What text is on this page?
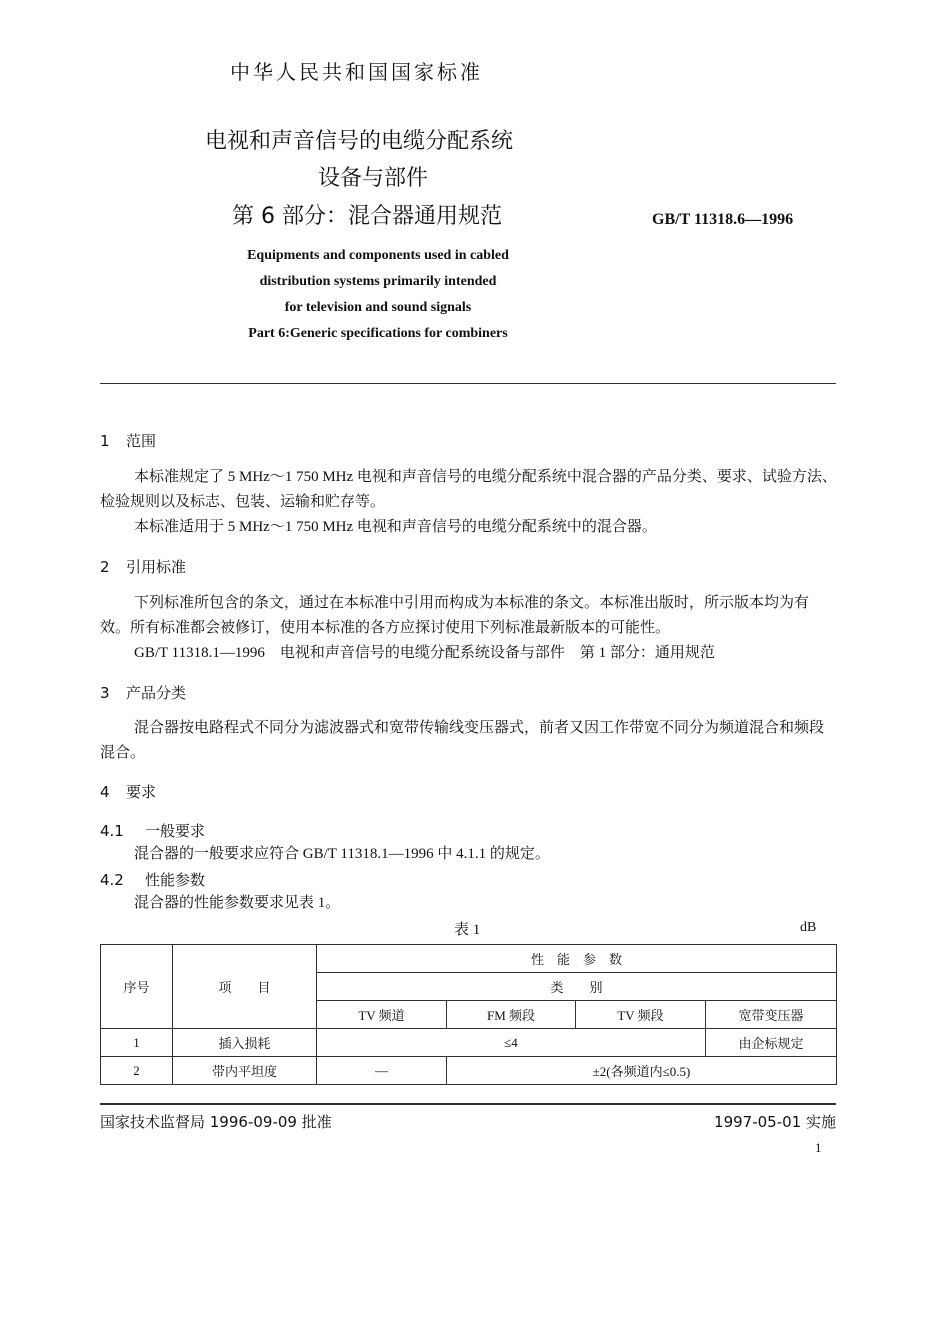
中华人民共和国国家标准
电视和声音信号的电缆分配系统
设备与部件
第 6 部分：混合器通用规范	GB/T 11318.6—1996
Equipments and components used in cabled
distribution systems primarily intended
for television and sound signals
Part 6:Generic specifications for combiners
1 范围
本标准规定了 5 MHz～1 750 MHz 电视和声音信号的电缆分配系统中混合器的产品分类、要求、试验方法、检验规则以及标志、包装、运输和贮存等。
本标准适用于 5 MHz～1 750 MHz 电视和声音信号的电缆分配系统中的混合器。
2 引用标准
下列标准所包含的条文，通过在本标准中引用而构成为本标准的条文。本标准出版时，所示版本均为有效。所有标准都会被修订，使用本标准的各方应探讨使用下列标准最新版本的可能性。
GB/T 11318.1—1996　电视和声音信号的电缆分配系统设备与部件　第 1 部分：通用规范
3 产品分类
混合器按电路程式不同分为滤波器式和宽带传输线变压器式，前者又因工作带宽不同分为频道混合和频段混合。
4 要求
4.1 一般要求
混合器的一般要求应符合 GB/T 11318.1—1996 中 4.1.1 的规定。
4.2 性能参数
混合器的性能参数要求见表 1。
表 1	dB
序号	项　　目	性　能　参　数			
		类　　别			
		TV 频道	FM 频段	TV 频段	宽带变压器
1	插入损耗	≤4			由企标规定
2	带内平坦度	—	±2(各频道内≤0.5)		
国家技术监督局 1996-09-09 批准	1997-05-01 实施
1
